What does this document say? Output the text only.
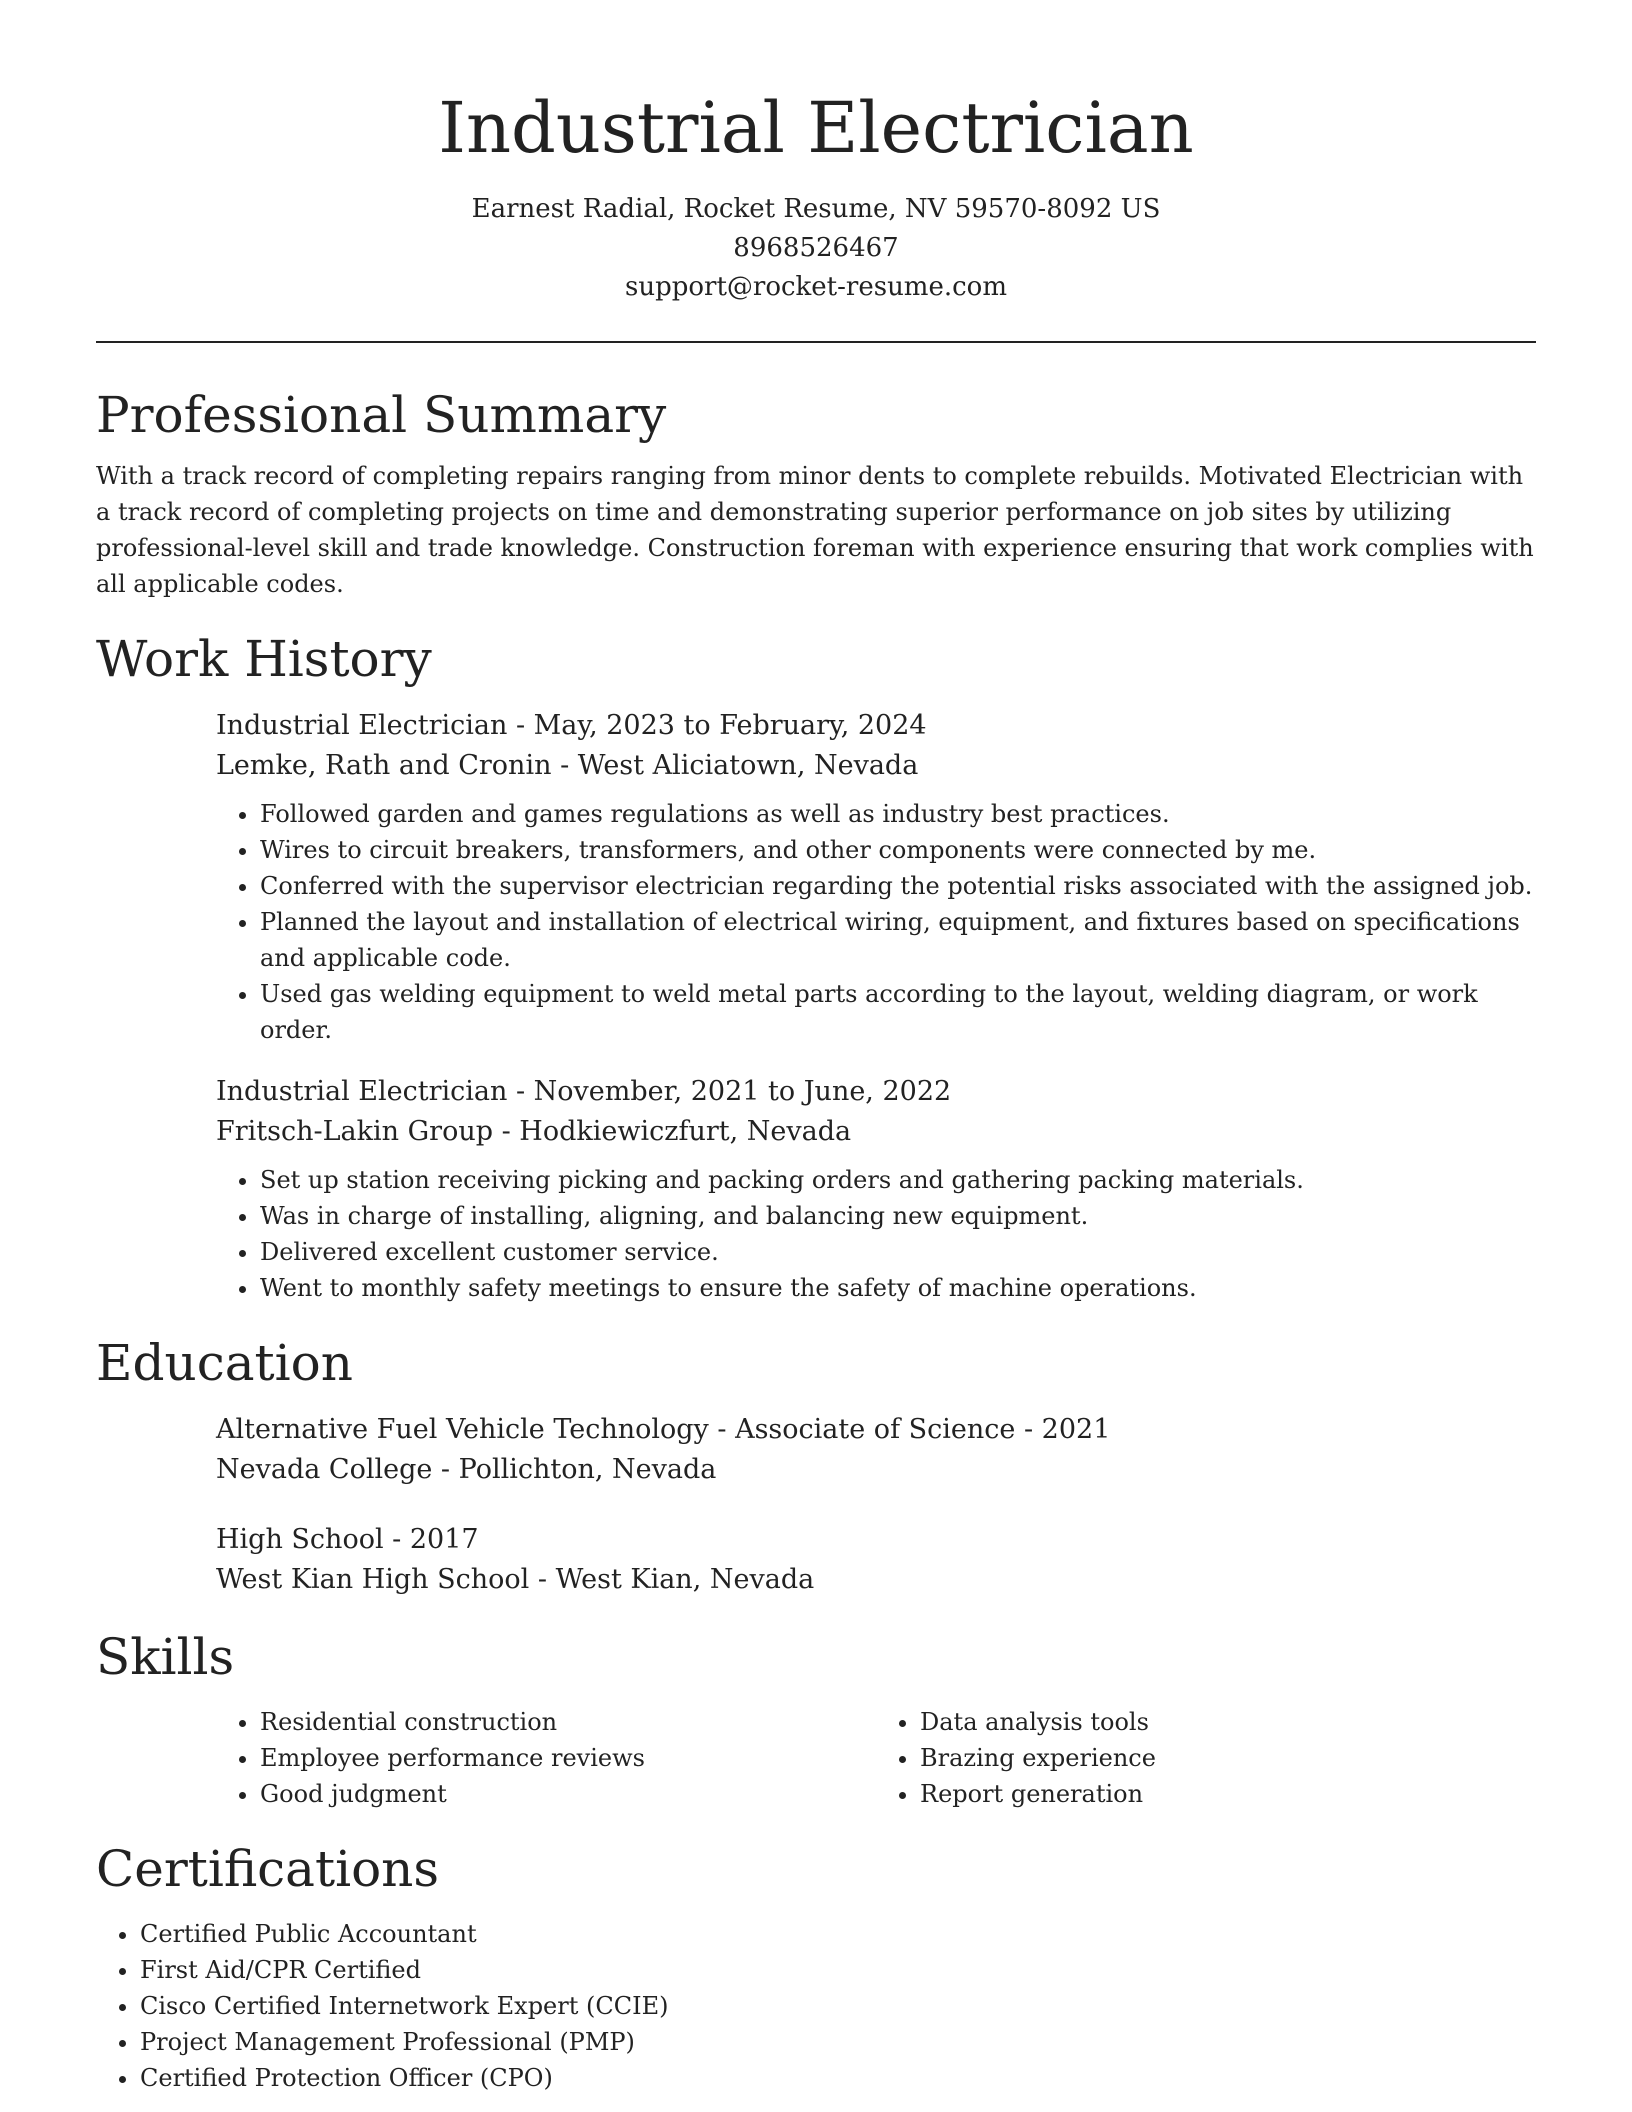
Industrial Electrician
Earnest Radial, Rocket Resume, NV 59570-8092 US
8968526467
support@rocket-resume.com
Professional Summary

With a track record of completing repairs ranging from minor dents to complete rebuilds. Motivated Electrician with a track record of completing projects on time and demonstrating superior performance on job sites by utilizing professional-level skill and trade knowledge. Construction foreman with experience ensuring that work complies with all applicable codes.

Work History
Industrial Electrician - May, 2023 to February, 2024
Lemke, Rath and Cronin - West Aliciatown, Nevada
• Followed garden and games regulations as well as industry best practices.
• Wires to circuit breakers, transformers, and other components were connected by me.
• Conferred with the supervisor electrician regarding the potential risks associated with the assigned job.
• Planned the layout and installation of electrical wiring, equipment, and fixtures based on specifications and applicable code.
• Used gas welding equipment to weld metal parts according to the layout, welding diagram, or work order.
Industrial Electrician - November, 2021 to June, 2022
Fritsch-Lakin Group - Hodkiewiczfurt, Nevada
• Set up station receiving picking and packing orders and gathering packing materials.
• Was in charge of installing, aligning, and balancing new equipment.
• Delivered excellent customer service.
• Went to monthly safety meetings to ensure the safety of machine operations.
Education
Alternative Fuel Vehicle Technology - Associate of Science - 2021
Nevada College - Pollichton, Nevada
High School - 2017
West Kian High School - West Kian, Nevada
Skills
• Residential construction
• Employee performance reviews
• Good judgment
• Data analysis tools
• Brazing experience
• Report generation
Certifications
• Certified Public Accountant
• First Aid/CPR Certified
• Cisco Certified Internetwork Expert (CCIE)
• Project Management Professional (PMP)
• Certified Protection Officer (CPO)
